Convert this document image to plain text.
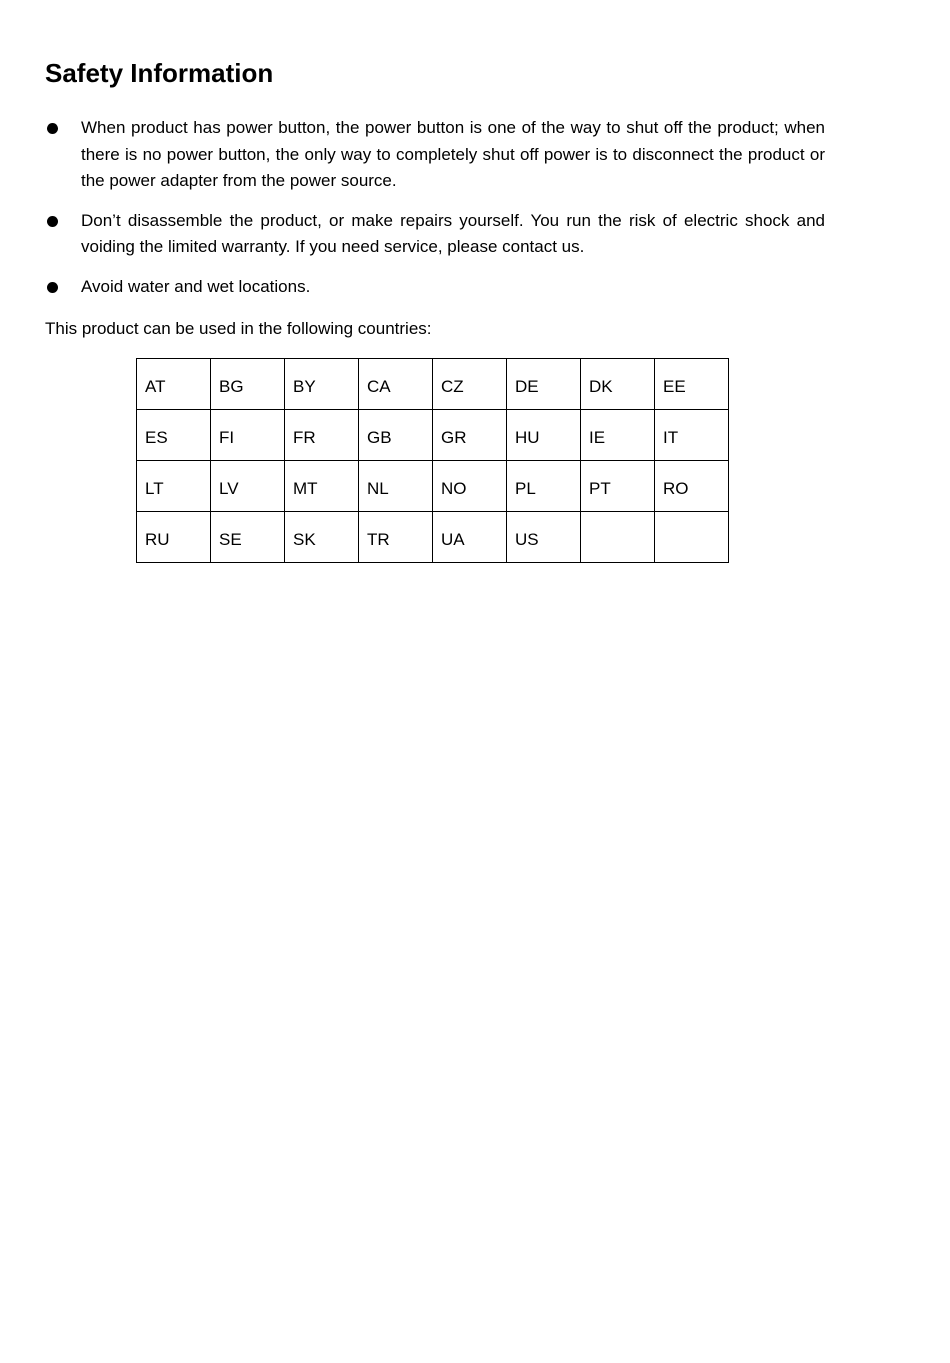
Safety Information
When product has power button, the power button is one of the way to shut off the product; when there is no power button, the only way to completely shut off power is to disconnect the product or the power adapter from the power source.
Don’t disassemble the product, or make repairs yourself. You run the risk of electric shock and voiding the limited warranty. If you need service, please contact us.
Avoid water and wet locations.

This product can be used in the following countries:

AT	BG	BY	CA	CZ	DE	DK	EE
ES	FI	FR	GB	GR	HU	IE	IT
LT	LV	MT	NL	NO	PL	PT	RO
RU	SE	SK	TR	UA	US		
